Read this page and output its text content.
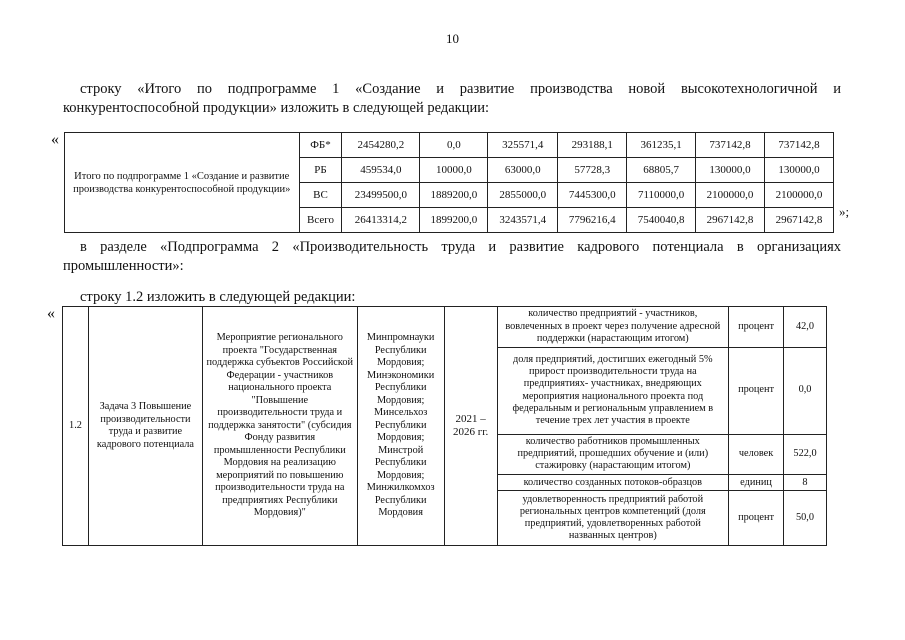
10
строку «Итого по подпрограмме 1 «Создание и развитие производства новой высокотехнологичной и конкурентоспособной продукции» изложить в следующей редакции:
«
Итого по подпрограмме 1 «Создание и развитие производства конкурентоспособной продукции»	ФБ*	2454280,2	0,0	325571,4	293188,1	361235,1	737142,8	737142,8
	РБ	459534,0	10000,0	63000,0	57728,3	68805,7	130000,0	130000,0
	ВС	23499500,0	1889200,0	2855000,0	7445300,0	7110000,0	2100000,0	2100000,0
	Всего	26413314,2	1899200,0	3243571,4	7796216,4	7540040,8	2967142,8	2967142,8
»;
в разделе «Подпрограмма 2 «Производительность труда и развитие кадрового потенциала в организациях промышленности»:
строку 1.2 изложить в следующей редакции:
«
1.2	Задача 3 Повышение производительности труда и развитие кадрового потенциала	Мероприятие регионального проекта "Государственная поддержка субъектов Российской Федерации - участников национального проекта "Повышение производительности труда и поддержка занятости" (субсидия Фонду развития промышленности Республики Мордовия на реализацию мероприятий по повышению производительности труда на предприятиях Республики Мордовия)"	Минпромнауки Республики Мордовия; Минэкономики Республики Мордовия; Минсельхоз Республики Мордовия; Минстрой Республики Мордовия; Минжилкомхоз Республики Мордовия	2021 – 2026 гг.	количество предприятий - участников, вовлеченных в проект через получение адресной поддержки (нарастающим итогом)	процент	42,0
					доля предприятий, достигших ежегодный 5% прирост производительности труда на предприятиях- участниках, внедряющих мероприятия национального проекта под федеральным и региональным управлением в течение трех лет участия в проекте	процент	0,0
					количество работников промышленных предприятий, прошедших обучение и (или) стажировку (нарастающим итогом)	человек	522,0
					количество созданных потоков-образцов	единиц	8
					удовлетворенность предприятий работой региональных центров компетенций (доля предприятий, удовлетворенных работой названных центров)	процент	50,0
